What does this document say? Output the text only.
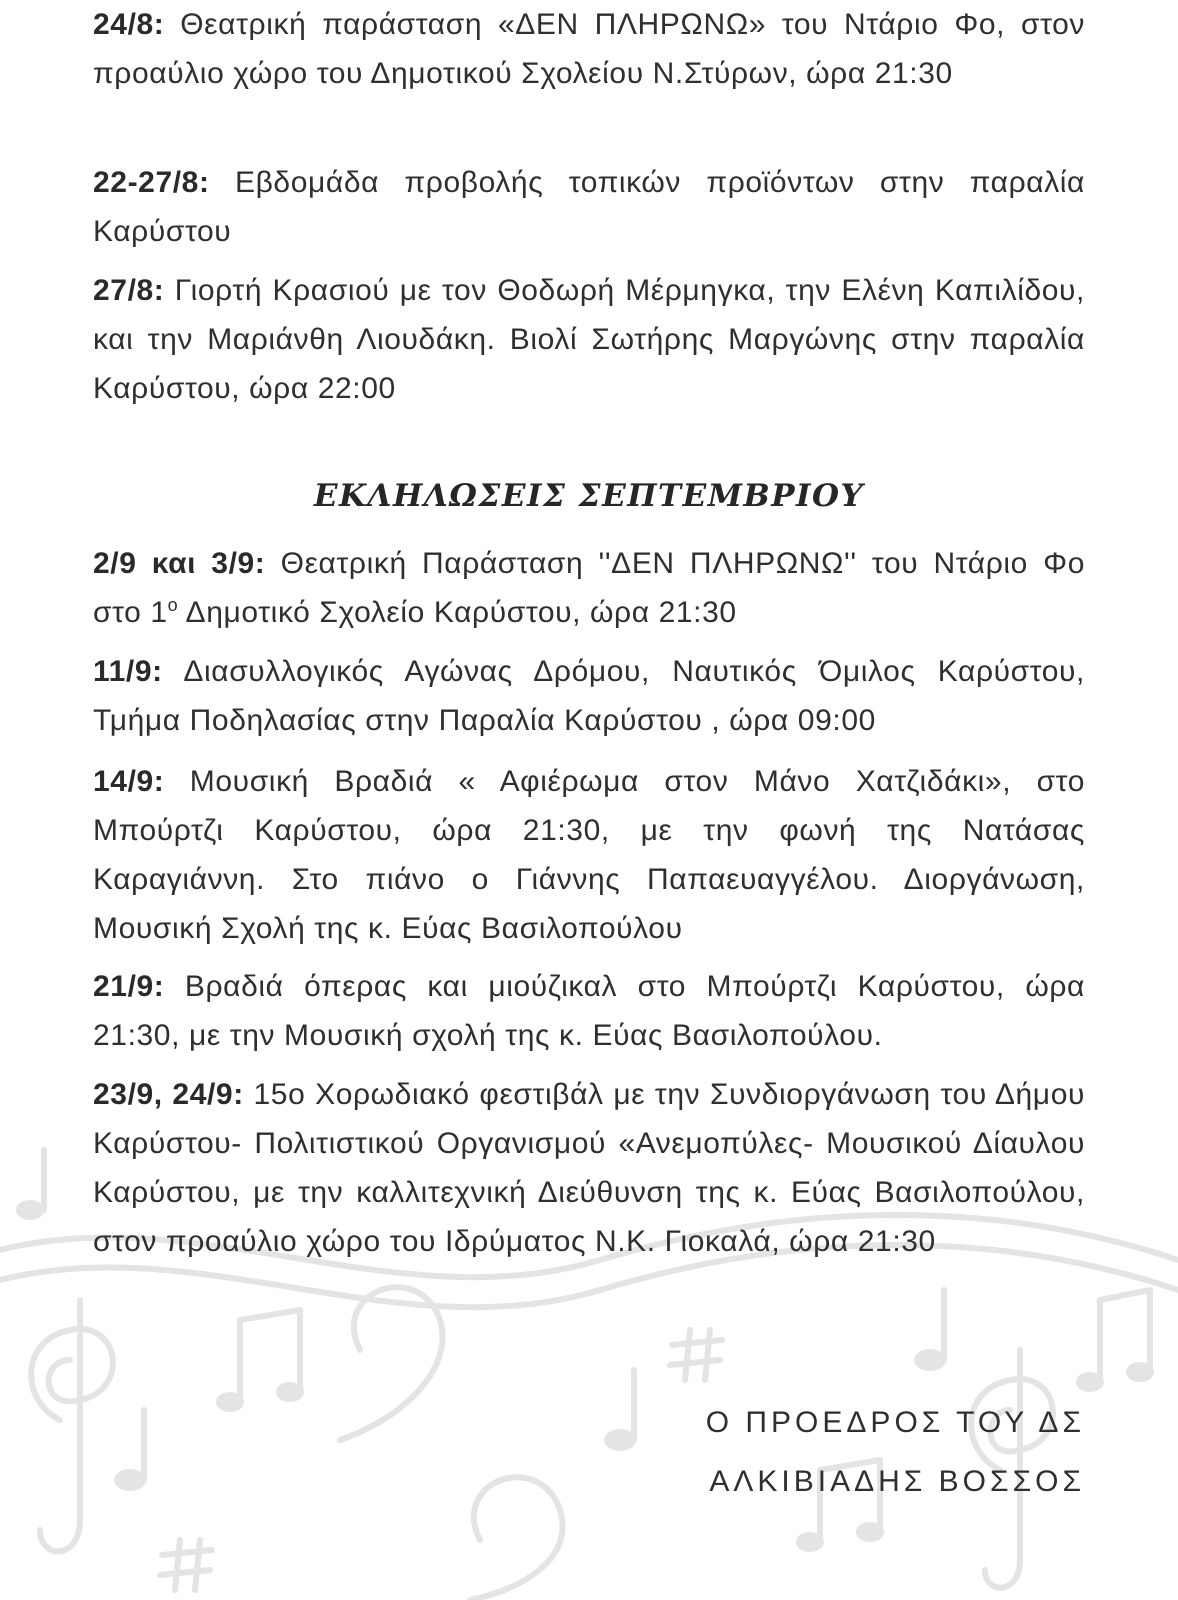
24/8: Θεατρική παράσταση «ΔΕΝ ΠΛΗΡΩΝΩ» του Ντάριο Φο, στον προαύλιο χώρο του Δημοτικού Σχολείου Ν.Στύρων, ώρα 21:30

22-27/8: Εβδομάδα προβολής τοπικών προϊόντων στην παραλία Καρύστου

27/8: Γιορτή Κρασιού με τον Θοδωρή Μέρμηγκα, την Ελένη Καπιλίδου, και την Μαριάνθη Λιουδάκη. Βιολί Σωτήρης Μαργώνης στην παραλία Καρύστου, ώρα 22:00

ΕΚΛΗΛΩΣΕΙΣ ΣΕΠΤΕΜΒΡΙΟΥ

2/9 και 3/9: Θεατρική Παράσταση ''ΔΕΝ ΠΛΗΡΩΝΩ'' του Ντάριο Φο στο $1^o$ Δημοτικό Σχολείο Καρύστου, ώρα 21:30

11/9: Διασυλλογικός Αγώνας Δρόμου, Ναυτικός Όμιλος Καρύστου, Τμήμα Ποδηλασίας στην Παραλία Καρύστου , ώρα 09:00

14/9: Μουσική Βραδιά « Αφιέρωμα στον Μάνο Χατζιδάκι», στο Μπούρτζι Καρύστου, ώρα 21:30, με την φωνή της Νατάσας Καραγιάννη. Στο πιάνο ο Γιάννης Παπαευαγγέλου. Διοργάνωση, Μουσική Σχολή της κ. Εύας Βασιλοπούλου

21/9: Βραδιά όπερας και μιούζικαλ στο Μπούρτζι Καρύστου, ώρα 21:30, με την Μουσική σχολή της κ. Εύας Βασιλοπούλου.

23/9, 24/9: 15ο Χορωδιακό φεστιβάλ με την Συνδιοργάνωση του Δήμου Καρύστου- Πολιτιστικού Οργανισμού «Ανεμοπύλες- Μουσικού Δίαυλου Καρύστου, με την καλλιτεχνική Διεύθυνση της κ. Εύας Βασιλοπούλου, στον προαύλιο χώρο του Ιδρύματος Ν.Κ. Γιοκαλά, ώρα 21:30

Ο ΠΡΟΕΔΡΟΣ ΤΟΥ ΔΣ

ΑΛΚΙΒΙΑΔΗΣ ΒΟΣΣΟΣ
